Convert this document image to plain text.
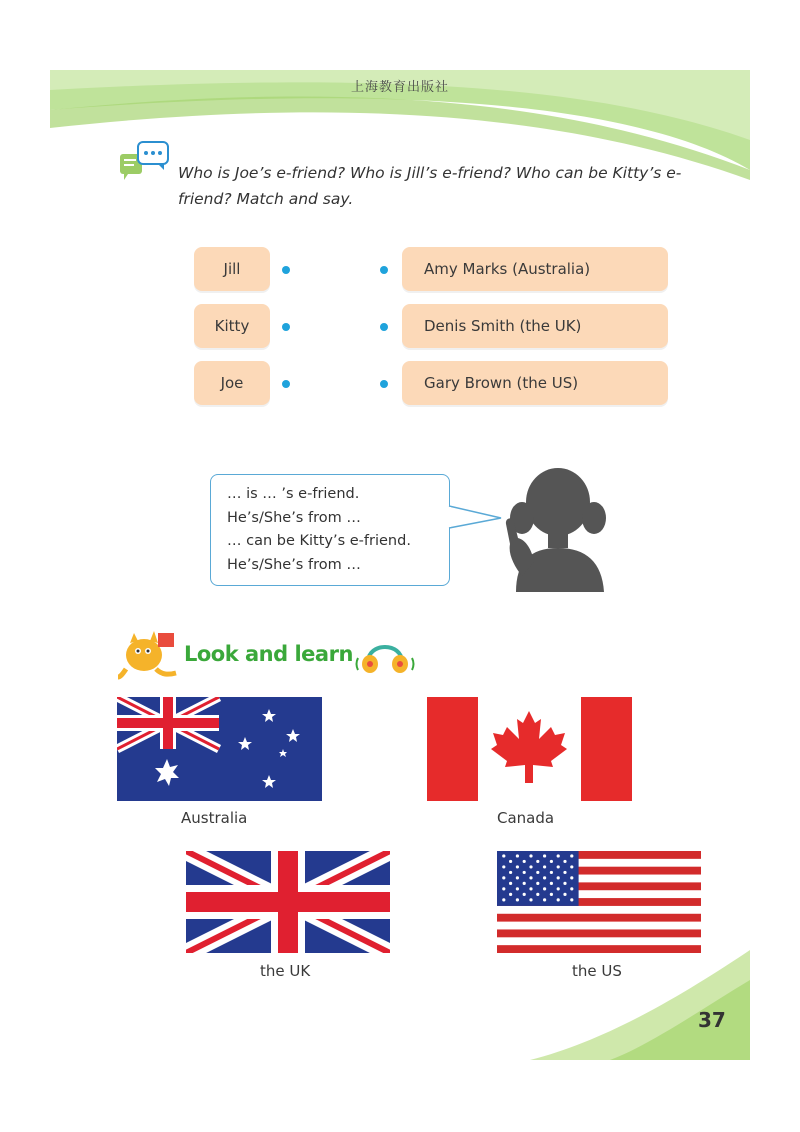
上海教育出版社
Who is Joe’s e-friend? Who is Jill’s e-friend? Who can be Kitty’s e-friend? Match and say.
Jill
Kitty
Joe
Amy Marks (Australia)
Denis Smith (the UK)
Gary Brown (the US)
… is … ’s e-friend.
He’s/She’s from …
… can be Kitty’s e-friend.
He’s/She’s from …
Look and learn
Australia	Canada
the UK	the US
37
